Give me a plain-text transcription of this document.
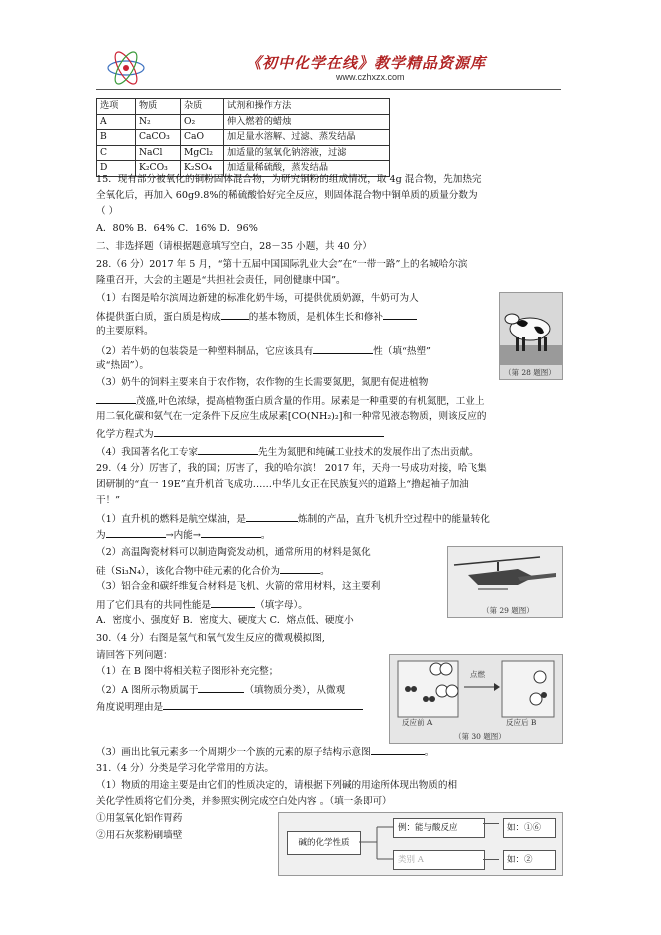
《初中化学在线》教学精品资源库
www.czhxzx.com
选项	物质	杂质	试剂和操作方法
A	N₂	O₂	伸入燃着的蜡烛
B	CaCO₃	CaO	加足量水溶解、过滤、蒸发结晶
C	NaCl	MgCl₂	加适量的氢氧化钠溶液，过滤
D	K₂CO₃	K₂SO₄	加适量稀硫酸，蒸发结晶
15．现有部分被氧化的铜粉固体混合物，为研究铜粉的组成情况，取 4g 混合物，先加热完
全氧化后，再加入 60g9.8%的稀硫酸恰好完全反应，则固体混合物中铜单质的质量分数为
（ ）
A．80% B．64% C．16% D．96%
二、非选择题（请根据题意填写空白，28－35 小题，共 40 分）
28.（6 分）2017 年 5 月，“第十五届中国国际乳业大会”在“一带一路”上的名城哈尔滨
隆重召开，大会的主题是“共担社会责任，同创健康中国”。
（1）右图是哈尔滨周边新建的标准化奶牛场，可提供优质奶源，牛奶可为人
体提供蛋白质，蛋白质是构成	的基本物质，是机体生长和修补
的主要原料。
（2）若牛奶的包装袋是一种塑料制品，它应该具有	性（填“热塑”
或“热固”）。
（第 28 题图）
（3）奶牛的饲料主要来自于农作物，农作物的生长需要氮肥，氮肥有促进植物
茂盛,叶色浓绿，提高植物蛋白质含量的作用。尿素是一种重要的有机氮肥，工业上
用二氧化碳和氨气在一定条件下反应生成尿素[CO(NH₂)₂]和一种常见液态物质，则该反应的
化学方程式为
（4）我国著名化工专家	先生为氮肥和纯碱工业技术的发展作出了杰出贡献。
29.（4 分）厉害了，我的国；厉害了，我的哈尔滨！ 2017 年，天舟一号成功对接，哈飞集
团研制的“直一 19E”直升机首飞成功……中华儿女正在民族复兴的道路上“撸起袖子加油
干！”
（1）直升机的燃料是航空煤油，是	炼制的产品，直升飞机升空过程中的能量转化
为	→内能→	。
（第 29 题图）
（2）高温陶瓷材料可以制造陶瓷发动机，通常所用的材料是氮化
硅（Si₃N₄），该化合物中硅元素的化合价为	。
（3）铝合金和碳纤维复合材料是飞机、火箭的常用材料，这主要利
用了它们具有的共同性能是	（填字母）。
A．密度小、强度好 B．密度大、硬度大 C．熔点低、硬度小
30.（4 分）右图是氢气和氧气发生反应的微观模拟图,
请回答下列问题：
（1）在 B 图中将相关粒子图形补充完整；
（2）A 图所示物质属于	（填物质分类），从微观
角度说明理由是
点燃
反应前 A	反应后 B
（第 30 题图）
（3）画出比氧元素多一个周期少一个族的元素的原子结构示意图	。
31.（4 分）分类是学习化学常用的方法。
（1）物质的用途主要是由它们的性质决定的，请根据下列碱的用途所体现出物质的相
关化学性质将它们分类，并参照实例完成空白处内容 。（填一条即可）
①用氢氧化铝作胃药
②用石灰浆粉刷墙壁
碱的化学性质
例：能与酸反应	如：①⑥
类别 A	如：②
